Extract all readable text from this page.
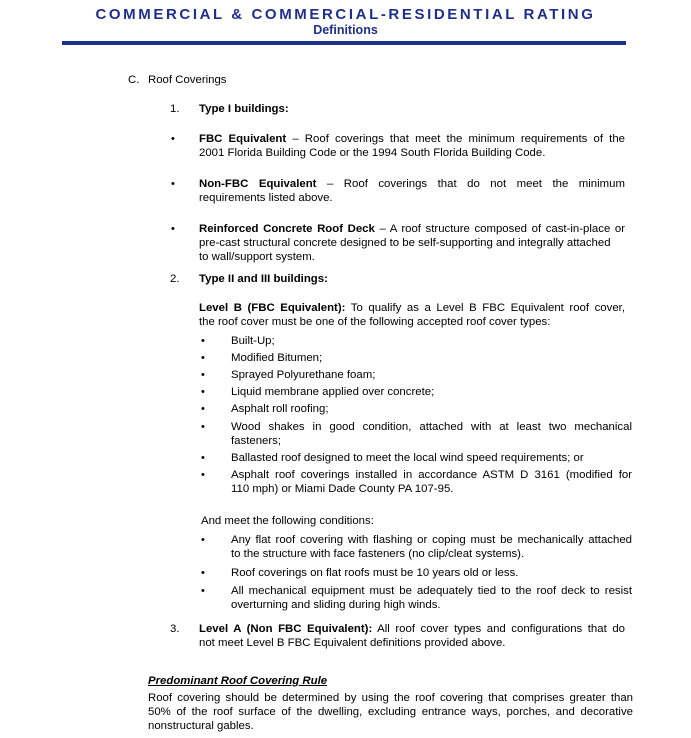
COMMERCIAL & COMMERCIAL-RESIDENTIAL RATING
Definitions
C. Roof Coverings
1. Type I buildings:
• FBC Equivalent – Roof coverings that meet the minimum requirements of the
2001 Florida Building Code or the 1994 South Florida Building Code.
• Non-FBC Equivalent – Roof coverings that do not meet the minimum
requirements listed above.
• Reinforced Concrete Roof Deck – A roof structure composed of cast-in-place or
pre-cast structural concrete designed to be self-supporting and integrally attached
to wall/support system.
2. Type II and III buildings:
Level B (FBC Equivalent): To qualify as a Level B FBC Equivalent roof cover,
the roof cover must be one of the following accepted roof cover types:
• Built-Up;
• Modified Bitumen;
• Sprayed Polyurethane foam;
• Liquid membrane applied over concrete;
• Asphalt roll roofing;
• Wood shakes in good condition, attached with at least two mechanical
fasteners;
• Ballasted roof designed to meet the local wind speed requirements; or
• Asphalt roof coverings installed in accordance ASTM D 3161 (modified for
110 mph) or Miami Dade County PA 107-95.
And meet the following conditions:
• Any flat roof covering with flashing or coping must be mechanically attached
to the structure with face fasteners (no clip/cleat systems).
• Roof coverings on flat roofs must be 10 years old or less.
• All mechanical equipment must be adequately tied to the roof deck to resist
overturning and sliding during high winds.
3. Level A (Non FBC Equivalent): All roof cover types and configurations that do
not meet Level B FBC Equivalent definitions provided above.
Predominant Roof Covering Rule
Roof covering should be determined by using the roof covering that comprises greater than
50% of the roof surface of the dwelling, excluding entrance ways, porches, and decorative
nonstructural gables.
